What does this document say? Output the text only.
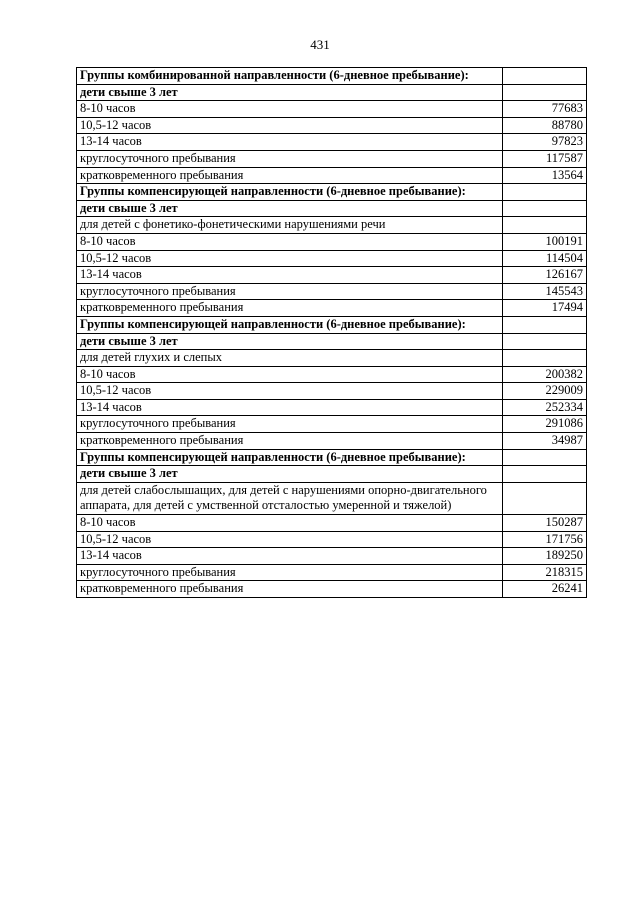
431
Группы комбинированной направленности (6-дневное пребывание):	
дети свыше 3 лет	
8-10 часов	77683
10,5-12 часов	88780
13-14 часов	97823
круглосуточного пребывания	117587
кратковременного пребывания	13564
Группы компенсирующей направленности (6-дневное пребывание):	
дети свыше 3 лет	
для детей с фонетико-фонетическими нарушениями речи	
8-10 часов	100191
10,5-12 часов	114504
13-14 часов	126167
круглосуточного пребывания	145543
кратковременного пребывания	17494
Группы компенсирующей направленности (6-дневное пребывание):	
дети свыше 3 лет	
для детей глухих и слепых	
8-10 часов	200382
10,5-12 часов	229009
13-14 часов	252334
круглосуточного пребывания	291086
кратковременного пребывания	34987
Группы компенсирующей направленности (6-дневное пребывание):	
дети свыше 3 лет	
для детей слабослышащих, для детей с нарушениями опорно-двигательного аппарата, для детей с умственной отсталостью умеренной и тяжелой)	
8-10 часов	150287
10,5-12 часов	171756
13-14 часов	189250
круглосуточного пребывания	218315
кратковременного пребывания	26241
